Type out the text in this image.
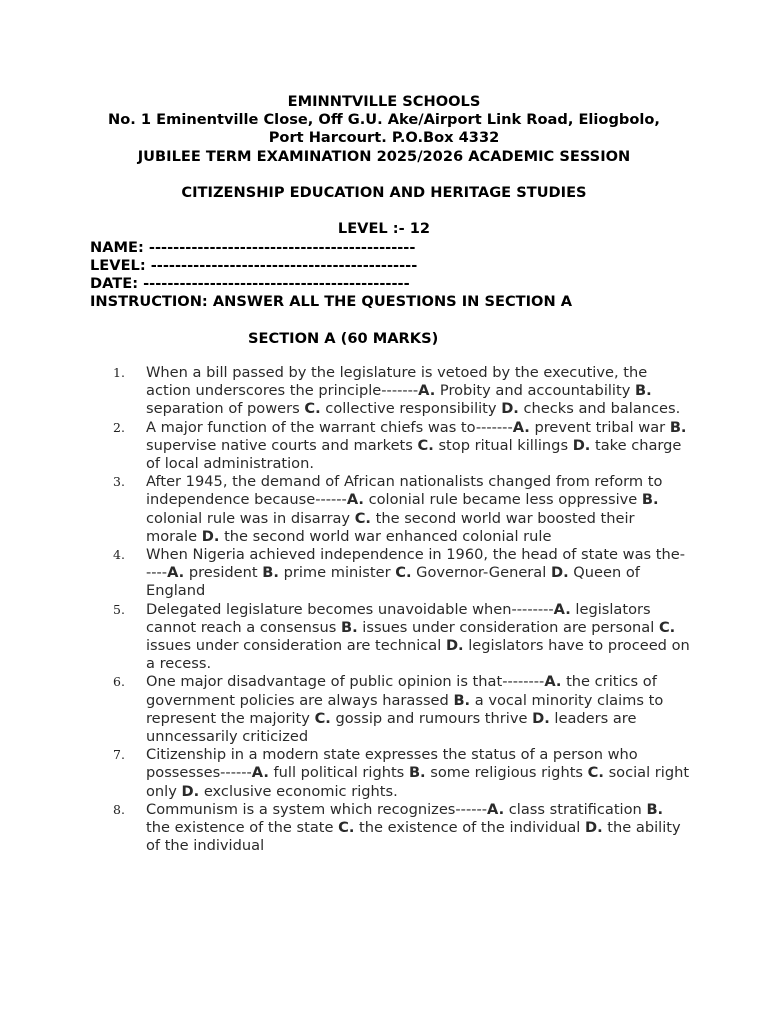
EMINNTVILLE SCHOOLS
No. 1 Eminentville Close, Off G.U. Ake/Airport Link Road, Eliogbolo,
Port Harcourt. P.O.Box 4332
JUBILEE TERM EXAMINATION 2025/2026 ACADEMIC SESSION
CITIZENSHIP EDUCATION AND HERITAGE STUDIES
LEVEL :- 12
NAME: --------------------------------------------
LEVEL: --------------------------------------------
DATE: --------------------------------------------
INSTRUCTION: ANSWER ALL THE QUESTIONS IN SECTION A
SECTION A (60 MARKS)
1.	When a bill passed by the legislature is vetoed by the executive, the action underscores the principle-------A. Probity and accountability B. separation of powers C. collective responsibility D. checks and balances.
2.	A major function of the warrant chiefs was to-------A. prevent tribal war B. supervise native courts and markets C. stop ritual killings D. take charge of local administration.
3.	After 1945, the demand of African nationalists changed from reform to independence because------A. colonial rule became less oppressive B. colonial rule was in disarray C. the second world war boosted their morale D. the second world war enhanced colonial rule
4.	When Nigeria achieved independence in 1960, the head of state was the-----A. president B. prime minister C. Governor-General D. Queen of England
5.	Delegated legislature becomes unavoidable when--------A. legislators cannot reach a consensus B. issues under consideration are personal C. issues under consideration are technical D. legislators have to proceed on a recess.
6.	One major disadvantage of public opinion is that--------A. the critics of government policies are always harassed B. a vocal minority claims to represent the majority C. gossip and rumours thrive D. leaders are unncessarily criticized
7.	Citizenship in a modern state expresses the status of a person who possesses------A. full political rights B. some religious rights C. social right only D. exclusive economic rights.
8.	Communism is a system which recognizes------A. class stratification B. the existence of the state C. the existence of the individual D. the ability of the individual
